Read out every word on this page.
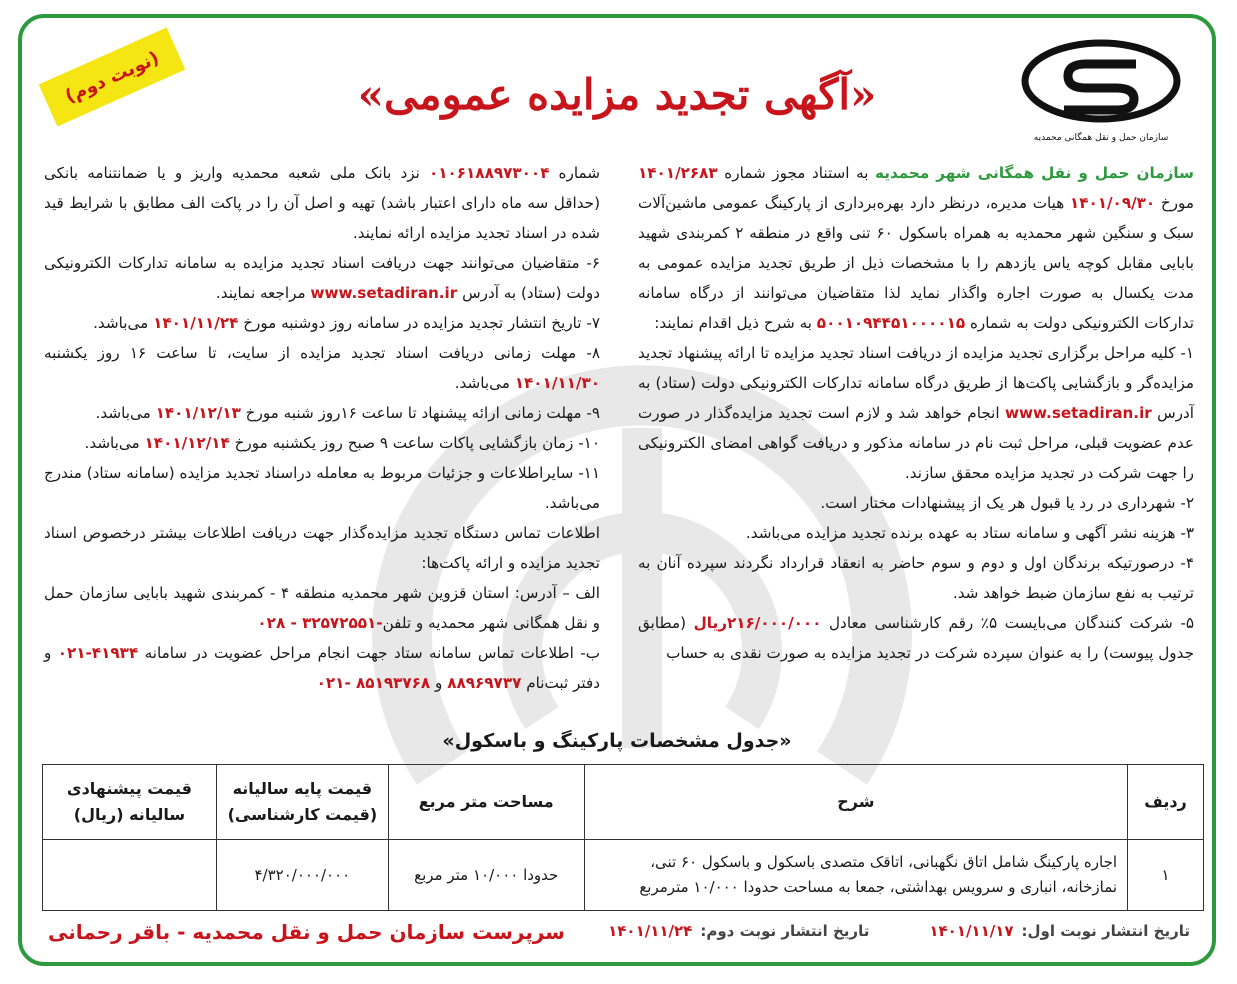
سازمان حمل و نقل همگانی محمدیه
(نوبت دوم)	«آگهی تجدید مزایده عمومی»

سازمان حمل و نقل همگانی شهر محمدیه به استناد مجوز شماره ۱۴۰۱/۲۶۸۳ مورخ ۱۴۰۱/۰۹/۳۰ هیات مدیره، درنظر دارد بهره‌برداری از پارکینگ عمومی ماشین‌آلات سبک و سنگین شهر محمدیه به همراه باسکول ۶۰ تنی واقع در منطقه ۲ کمربندی شهید بابایی مقابل کوچه یاس یازدهم را با مشخصات ذیل از طریق تجدید مزایده عمومی به مدت یکسال به صورت اجاره واگذار نماید لذا متقاضیان می‌توانند از درگاه سامانه تدارکات الکترونیکی دولت به شماره ۵۰۰۱۰۹۴۴۵۱۰۰۰۰۱۵ به شرح ذیل اقدام نمایند:

۱- کلیه مراحل برگزاری تجدید مزایده از دریافت اسناد تجدید مزایده تا ارائه پیشنهاد تجدید مزایده‌گر و بازگشایی پاکت‌ها از طریق درگاه سامانه تدارکات الکترونیکی دولت (ستاد) به آدرس www.setadiran.ir انجام خواهد شد و لازم است تجدید مزایده‌گذار در صورت عدم عضویت قبلی، مراحل ثبت نام در سامانه مذکور و دریافت گواهی امضای الکترونیکی را جهت شرکت در تجدید مزایده محقق سازند.

۲- شهرداری در رد یا قبول هر یک از پیشنهادات مختار است.

۳- هزینه نشر آگهی و سامانه ستاد به عهده برنده تجدید مزایده می‌باشد.

۴- درصورتیکه برندگان اول و دوم و سوم حاضر به انعقاد قرارداد نگردند سپرده آنان به ترتیب به نفع سازمان ضبط خواهد شد.

۵- شرکت کنندگان می‌بایست ۵٪ رقم کارشناسی معادل ۲۱۶/۰۰۰/۰۰۰ریال (مطابق جدول پیوست) را به عنوان سپرده شرکت در تجدید مزایده به صورت نقدی به حساب

شماره ۰۱۰۶۱۸۸۹۷۳۰۰۴ نزد بانک ملی شعبه محمدیه واریز و یا ضمانتنامه بانکی (حداقل سه ماه دارای اعتبار باشد) تهیه و اصل آن را در پاکت الف مطابق با شرایط قید شده در اسناد تجدید مزایده ارائه نمایند.

۶- متقاضیان می‌توانند جهت دریافت اسناد تجدید مزایده به سامانه تدارکات الکترونیکی دولت (ستاد) به آدرس www.setadiran.ir مراجعه نمایند.

۷- تاریخ انتشار تجدید مزایده در سامانه روز دوشنبه مورخ ۱۴۰۱/۱۱/۲۴ می‌باشد.

۸- مهلت زمانی دریافت اسناد تجدید مزایده از سایت، تا ساعت ۱۶ روز یکشنبه ۱۴۰۱/۱۱/۳۰ می‌باشد.

۹- مهلت زمانی ارائه پیشنهاد تا ساعت ۱۶روز شنبه مورخ ۱۴۰۱/۱۲/۱۳ می‌باشد.

۱۰- زمان بازگشایی پاکات ساعت ۹ صبح روز یکشنبه مورخ ۱۴۰۱/۱۲/۱۴ می‌باشد.

۱۱- سایراطلاعات و جزئیات مربوط به معامله دراسناد تجدید مزایده (سامانه ستاد) مندرج می‌باشد.

اطلاعات تماس دستگاه تجدید مزایده‌گذار جهت دریافت اطلاعات بیشتر درخصوص اسناد تجدید مزایده و ارائه پاکت‌ها:

الف – آدرس: استان قزوین شهر محمدیه منطقه ۴ - کمربندی شهید بابایی سازمان حمل و نقل همگانی شهر محمدیه و تلفن-۳۲۵۷۲۵۵۱ - ۰۲۸

ب- اطلاعات تماس سامانه ستاد جهت انجام مراحل عضویت در سامانه ۴۱۹۳۴-۰۲۱ و دفتر ثبت‌نام ۸۸۹۶۹۷۳۷ و ۸۵۱۹۳۷۶۸ -۰۲۱

«جدول مشخصات پارکینگ و باسکول»
ردیف	شرح	مساحت متر مربع	قیمت پایه سالیانه (قیمت کارشناسی)	قیمت پیشنهادی سالیانه (ریال)
۱	اجاره پارکینگ شامل اتاق نگهبانی، اتاقک متصدی باسکول و باسکول ۶۰ تنی، نمازخانه، انباری و سرویس بهداشتی، جمعا به مساحت حدودا ۱۰/۰۰۰ مترمربع	حدودا ۱۰/۰۰۰ متر مربع	۴/۳۲۰/۰۰۰/۰۰۰	
تاریخ انتشار نوبت اول:۱۴۰۱/۱۱/۱۷
تاریخ انتشار نوبت دوم:۱۴۰۱/۱۱/۲۴
سرپرست سازمان حمل و نقل محمدیه - باقر رحمانی
